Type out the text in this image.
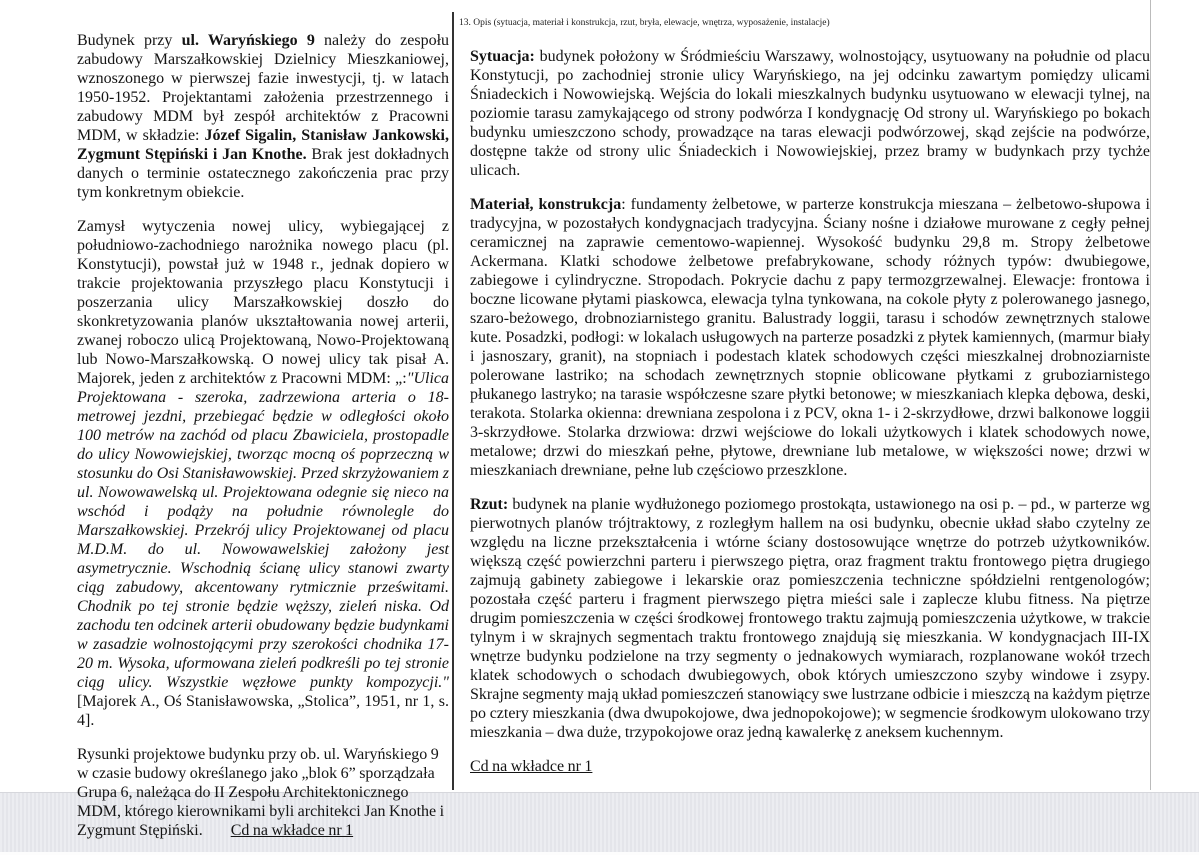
Budynek przy ul. Waryńskiego 9 należy do zespołu zabudowy Marszałkowskiej Dzielnicy Mieszkaniowej, wznoszonego w pierwszej fazie inwestycji, tj. w latach 1950-1952. Projektantami założenia przestrzennego i zabudowy MDM był zespół architektów z Pracowni MDM, w składzie: Józef Sigalin, Stanisław Jankowski, Zygmunt Stępiński i Jan Knothe. Brak jest dokładnych danych o terminie ostatecznego zakończenia prac przy tym konkretnym obiekcie.

Zamysł wytyczenia nowej ulicy, wybiegającej z południowo-zachodniego narożnika nowego placu (pl. Konstytucji), powstał już w 1948 r., jednak dopiero w trakcie projektowania przyszłego placu Konstytucji i poszerzania ulicy Marszałkowskiej doszło do skonkretyzowania planów ukształtowania nowej arterii, zwanej roboczo ulicą Projektowaną, Nowo-Projektowaną lub Nowo-Marszałkowską. O nowej ulicy tak pisał A. Majorek, jeden z architektów z Pracowni MDM: „:"Ulica Projektowana - szeroka, zadrzewiona arteria o 18-metrowej jezdni, przebiegać będzie w odległości około 100 metrów na zachód od placu Zbawiciela, prostopadle do ulicy Nowowiejskiej, tworząc mocną oś poprzeczną w stosunku do Osi Stanisławowskiej. Przed skrzyżowaniem z ul. Nowowawelską ul. Projektowana odegnie się nieco na wschód i podąży na południe równolegle do Marszałkowskiej. Przekrój ulicy Projektowanej od placu M.D.M. do ul. Nowowawelskiej założony jest asymetrycznie. Wschodnią ścianę ulicy stanowi zwarty ciąg zabudowy, akcentowany rytmicznie prześwitami. Chodnik po tej stronie będzie węższy, zieleń niska. Od zachodu ten odcinek arterii obudowany będzie budynkami w zasadzie wolnostojącymi przy szerokości chodnika 17- 20 m. Wysoka, uformowana zieleń podkreśli po tej stronie ciąg ulicy. Wszystkie węzłowe punkty kompozycji." [Majorek A., Oś Stanisławowska, „Stolica”, 1951, nr 1, s. 4].

Rysunki projektowe budynku przy ob. ul. Waryńskiego 9 w czasie budowy określanego jako „blok 6” sporządzała Grupa 6, należąca do II Zespołu Architektonicznego MDM, którego kierownikami byli architekci Jan Knothe i Zygmunt Stępiński. Cd na wkładce nr 1

13. Opis (sytuacja, materiał i konstrukcja, rzut, bryła, elewacje, wnętrza, wyposażenie, instalacje)

Sytuacja: budynek położony w Śródmieściu Warszawy, wolnostojący, usytuowany na południe od placu Konstytucji, po zachodniej stronie ulicy Waryńskiego, na jej odcinku zawartym pomiędzy ulicami Śniadeckich i Nowowiejską. Wejścia do lokali mieszkalnych budynku usytuowano w elewacji tylnej, na poziomie tarasu zamykającego od strony podwórza I kondygnację Od strony ul. Waryńskiego po bokach budynku umieszczono schody, prowadzące na taras elewacji podwórzowej, skąd zejście na podwórze, dostępne także od strony ulic Śniadeckich i Nowowiejskiej, przez bramy w budynkach przy tychże ulicach.

Materiał, konstrukcja: fundamenty żelbetowe, w parterze konstrukcja mieszana – żelbetowo-słupowa i tradycyjna, w pozostałych kondygnacjach tradycyjna. Ściany nośne i działowe murowane z cegły pełnej ceramicznej na zaprawie cementowo-wapiennej. Wysokość budynku 29,8 m. Stropy żelbetowe Ackermana. Klatki schodowe żelbetowe prefabrykowane, schody różnych typów: dwubiegowe, zabiegowe i cylindryczne. Stropodach. Pokrycie dachu z papy termozgrzewalnej. Elewacje: frontowa i boczne licowane płytami piaskowca, elewacja tylna tynkowana, na cokole płyty z polerowanego jasnego, szaro-beżowego, drobnoziarnistego granitu. Balustrady loggii, tarasu i schodów zewnętrznych stalowe kute. Posadzki, podłogi: w lokalach usługowych na parterze posadzki z płytek kamiennych, (marmur biały i jasnoszary, granit), na stopniach i podestach klatek schodowych części mieszkalnej drobnoziarniste polerowane lastriko; na schodach zewnętrznych stopnie oblicowane płytkami z gruboziarnistego płukanego lastryko; na tarasie współczesne szare płytki betonowe; w mieszkaniach klepka dębowa, deski, terakota. Stolarka okienna: drewniana zespolona i z PCV, okna 1- i 2-skrzydłowe, drzwi balkonowe loggii 3-skrzydłowe. Stolarka drzwiowa: drzwi wejściowe do lokali użytkowych i klatek schodowych nowe, metalowe; drzwi do mieszkań pełne, płytowe, drewniane lub metalowe, w większości nowe; drzwi w mieszkaniach drewniane, pełne lub częściowo przeszklone.

Rzut: budynek na planie wydłużonego poziomego prostokąta, ustawionego na osi p. – pd., w parterze wg pierwotnych planów trójtraktowy, z rozległym hallem na osi budynku, obecnie układ słabo czytelny ze względu na liczne przekształcenia i wtórne ściany dostosowujące wnętrze do potrzeb użytkowników. większą część powierzchni parteru i pierwszego piętra, oraz fragment traktu frontowego piętra drugiego zajmują gabinety zabiegowe i lekarskie oraz pomieszczenia techniczne spółdzielni rentgenologów; pozostała część parteru i fragment pierwszego piętra mieści sale i zaplecze klubu fitness. Na piętrze drugim pomieszczenia w części środkowej frontowego traktu zajmują pomieszczenia użytkowe, w trakcie tylnym i w skrajnych segmentach traktu frontowego znajdują się mieszkania. W kondygnacjach III-IX wnętrze budynku podzielone na trzy segmenty o jednakowych wymiarach, rozplanowane wokół trzech klatek schodowych o schodach dwubiegowych, obok których umieszczono szyby windowe i zsypy. Skrajne segmenty mają układ pomieszczeń stanowiący swe lustrzane odbicie i mieszczą na każdym piętrze po cztery mieszkania (dwa dwupokojowe, dwa jednopokojowe); w segmencie środkowym ulokowano trzy mieszkania – dwa duże, trzypokojowe oraz jedną kawalerkę z aneksem kuchennym.

Cd na wkładce nr 1
